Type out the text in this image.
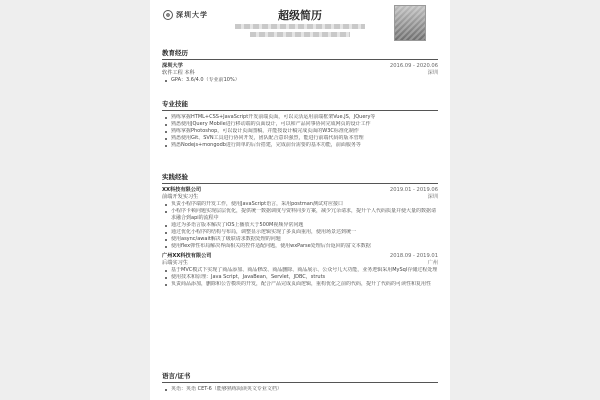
深圳大学	超级简历
教育经历
深圳大学	2016.09 - 2020.06
软件工程 本科	深圳
GPA：3.6/4.0（专业前10%）
专业技能
熟练掌握HTML+CSS+JavaScript开发前端页面，可以灵活运用前端框架Vue.JS，JQuery等
熟悉使用JQuery Mobile进行移动端的页面设计，可以和产品同事协同完成网页的设计工作
熟练掌握Photoshop，可以设计页面图稿，并能按设计稿完成页面的W3C标准化制作
熟悉使用Git、SVN工具进行协同开发，团队配合意识强烈，能进行前端代码的版本管理
熟悉Nodejs+mongodb进行简单的后台搭建，完成前台需要的基本功能，前面服务等
实践经验
XX科技有限公司	2019.01 - 2019.06
前端开发实习生	深圳
负责小程序端的开发工作，使用JavaScript语言，采用postman测试对应接口
小程序卡顿问题实现层层优化，提供统一数据调度与资料同步方案，减少冗余请求，提升个人代码质量并使大量的数据请求融合到api的流程中
通过为多语言版本解决了iOS上播放大于500M视频异常问题
通过优化小程序的结构与布局，调整显示逻辑实现了多页面重用，使用场景达到统一
使用async/await解决了级联请求数据处理的问题
使用flex弹性布局解决界面相关的控件适配问题，使用wxParse处理后台返回的富文本数据
广州XX科技有限公司	2018.09 - 2019.01
后端实习生	广州
基于MVC模式下实现了商品添加、商品修改、商品删除、商品展示、公众号几大功能，业务逻辑采用MySql存储过程处理
使用技术和原理：Java Script，JavaBean，Servlet，JDBC，struts
负责商品添加，删除和公告模块的开发，配合产品完成页面逻辑，重构优化之前的代码，提升了代码的可读性和复用性
语言/证书
英语：英语 CET-6（能够熟练阅读英文专业文档）
